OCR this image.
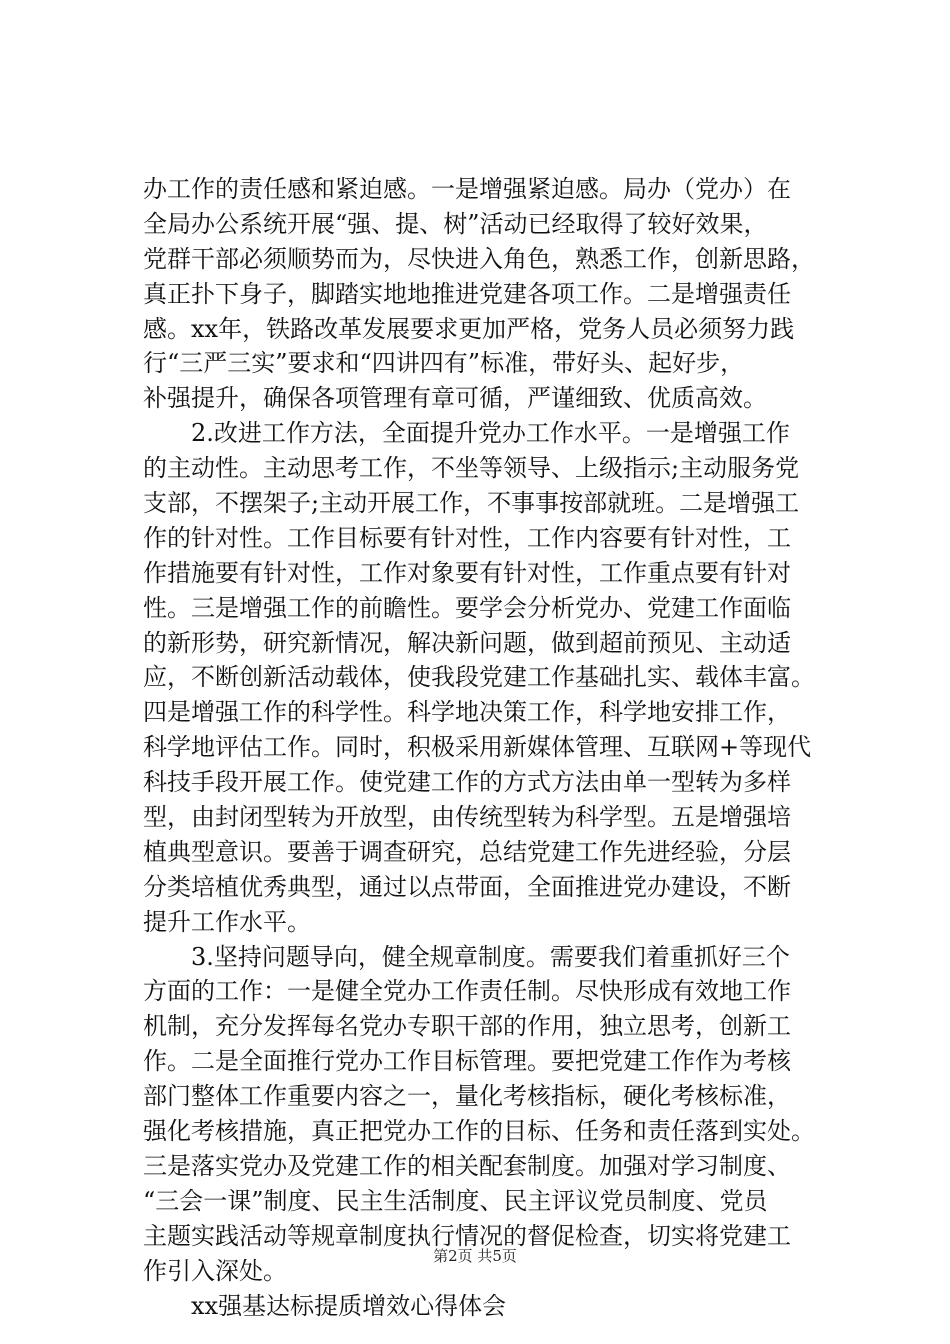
办工作的责任感和紧迫感。一是增强紧迫感。局办（党办）在
全局办公系统开展“强、提、树”活动已经取得了较好效果，
党群干部必须顺势而为，尽快进入角色，熟悉工作，创新思路，
真正扑下身子，脚踏实地地推进党建各项工作。二是增强责任
感。xx年，铁路改革发展要求更加严格，党务人员必须努力践
行“三严三实”要求和“四讲四有”标准，带好头、起好步，
补强提升，确保各项管理有章可循，严谨细致、优质高效。
2.改进工作方法，全面提升党办工作水平。一是增强工作
的主动性。主动思考工作，不坐等领导、上级指示;主动服务党
支部，不摆架子;主动开展工作，不事事按部就班。二是增强工
作的针对性。工作目标要有针对性，工作内容要有针对性，工
作措施要有针对性，工作对象要有针对性，工作重点要有针对
性。三是增强工作的前瞻性。要学会分析党办、党建工作面临
的新形势，研究新情况，解决新问题，做到超前预见、主动适
应，不断创新活动载体，使我段党建工作基础扎实、载体丰富。
四是增强工作的科学性。科学地决策工作，科学地安排工作，
科学地评估工作。同时，积极采用新媒体管理、互联网+等现代
科技手段开展工作。使党建工作的方式方法由单一型转为多样
型，由封闭型转为开放型，由传统型转为科学型。五是增强培
植典型意识。要善于调查研究，总结党建工作先进经验，分层
分类培植优秀典型，通过以点带面，全面推进党办建设，不断
提升工作水平。
3.坚持问题导向，健全规章制度。需要我们着重抓好三个
方面的工作：一是健全党办工作责任制。尽快形成有效地工作
机制，充分发挥每名党办专职干部的作用，独立思考，创新工
作。二是全面推行党办工作目标管理。要把党建工作作为考核
部门整体工作重要内容之一，量化考核指标，硬化考核标准，
强化考核措施，真正把党办工作的目标、任务和责任落到实处。
三是落实党办及党建工作的相关配套制度。加强对学习制度、
“三会一课”制度、民主生活制度、民主评议党员制度、党员
主题实践活动等规章制度执行情况的督促检查，切实将党建工
作引入深处。
xx强基达标提质增效心得体会
第2页 共5页
